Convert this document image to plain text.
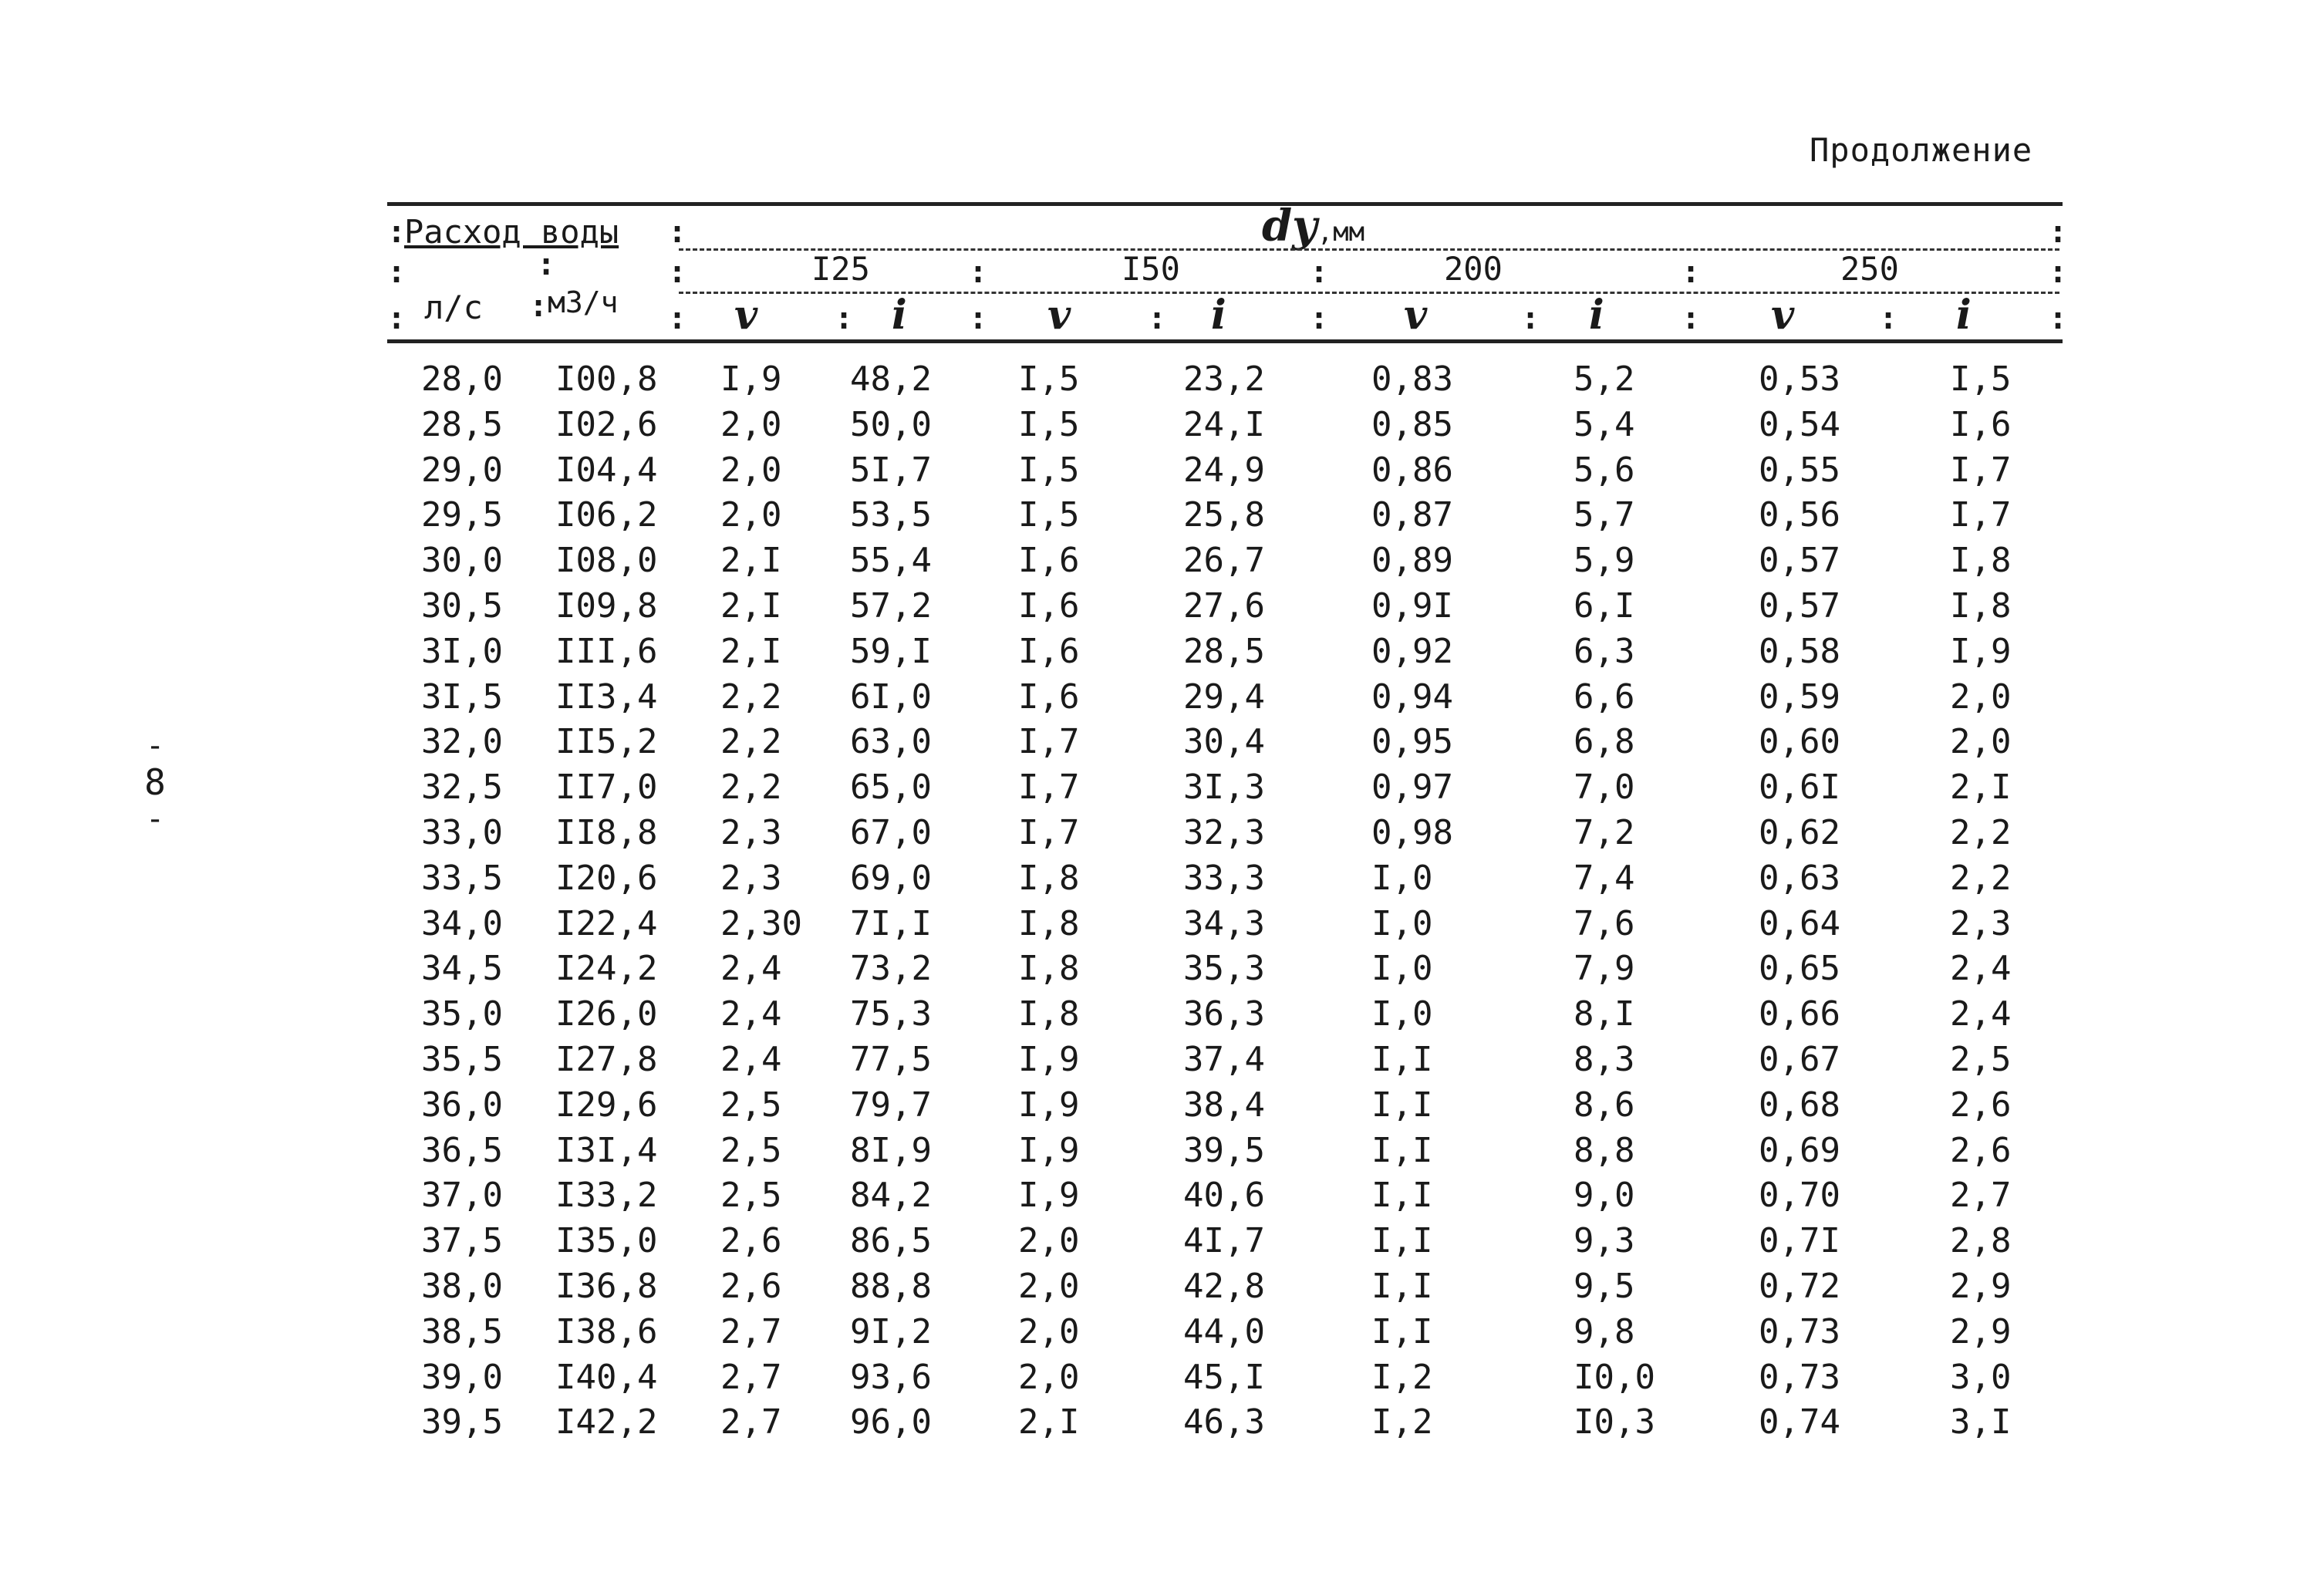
Продолжение
-
8
-
:
Расход воды :	dy,мм	:
:	:	:	I25	:	I50	:	200	:	250	:
: л/с : м3/ч : v : i : v : i	: v	: i	: v	: i	:
28,0 I00,8 I,9 48,2	I,5	23,2	0,83	5,2	0,53	I,5
28,5 I02,6 2,0 50,0	I,5	24,I	0,85	5,4	0,54	I,6
29,0 I04,4 2,0 5I,7	I,5	24,9	0,86	5,6	0,55	I,7
29,5 I06,2 2,0 53,5	I,5	25,8	0,87	5,7	0,56	I,7
30,0 I08,0 2,I 55,4	I,6	26,7	0,89	5,9	0,57	I,8
30,5 I09,8 2,I 57,2	I,6	27,6	0,9I	6,I	0,57	I,8
3I,0 III,6 2,I 59,I	I,6	28,5	0,92	6,3	0,58	I,9
3I,5 II3,4 2,2 6I,0	I,6	29,4	0,94	6,6	0,59	2,0
32,0 II5,2 2,2 63,0	I,7	30,4	0,95	6,8	0,60	2,0
32,5 II7,0 2,2 65,0	I,7	3I,3	0,97	7,0	0,6I	2,I
33,0 II8,8 2,3 67,0	I,7	32,3	0,98	7,2	0,62	2,2
33,5 I20,6 2,3 69,0	I,8	33,3	I,0	7,4	0,63	2,2
34,0 I22,4 2,30 7I,I	I,8	34,3	I,0	7,6	0,64	2,3
34,5 I24,2 2,4 73,2	I,8	35,3	I,0	7,9	0,65	2,4
35,0 I26,0 2,4 75,3	I,8	36,3	I,0	8,I	0,66	2,4
35,5 I27,8 2,4 77,5	I,9	37,4	I,I	8,3	0,67	2,5
36,0 I29,6 2,5 79,7	I,9	38,4	I,I	8,6	0,68	2,6
36,5 I3I,4 2,5 8I,9	I,9	39,5	I,I	8,8	0,69	2,6
37,0 I33,2 2,5 84,2	I,9	40,6	I,I	9,0	0,70	2,7
37,5 I35,0 2,6 86,5	2,0	4I,7	I,I	9,3	0,7I	2,8
38,0 I36,8 2,6 88,8	2,0	42,8	I,I	9,5	0,72	2,9
38,5 I38,6 2,7 9I,2	2,0	44,0	I,I	9,8	0,73	2,9
39,0 I40,4 2,7 93,6	2,0	45,I	I,2	I0,0	0,73	3,0
39,5 I42,2 2,7 96,0	2,I	46,3	I,2	I0,3	0,74	3,I
